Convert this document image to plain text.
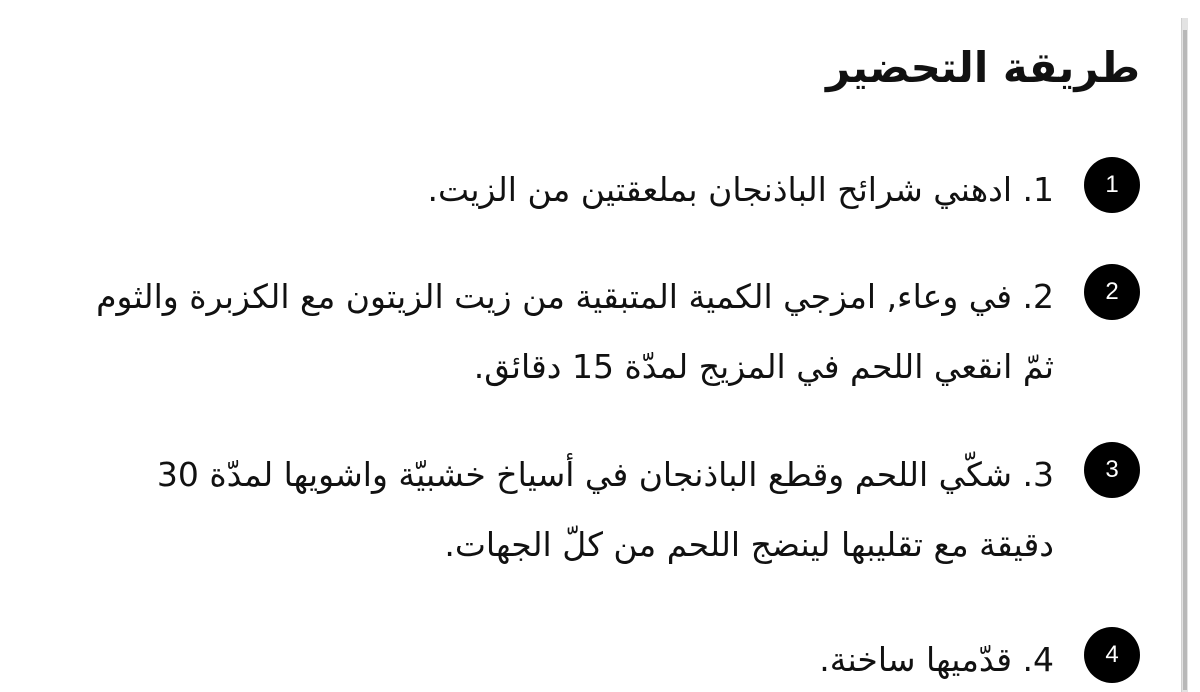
طريقة التحضير
1

1. ادهني شرائح الباذنجان بملعقتين من الزيت.

2

2. في وعاء, امزجي الكمية المتبقية من زيت الزيتون مع الكزبرة والثوم ثمّ انقعي اللحم في المزيج لمدّة 15 دقائق.

3

3. شكّي اللحم وقطع الباذنجان في أسياخ خشبيّة واشويها لمدّة 30 دقيقة مع تقليبها لينضج اللحم من كلّ الجهات.

4

4. قدّميها ساخنة.
